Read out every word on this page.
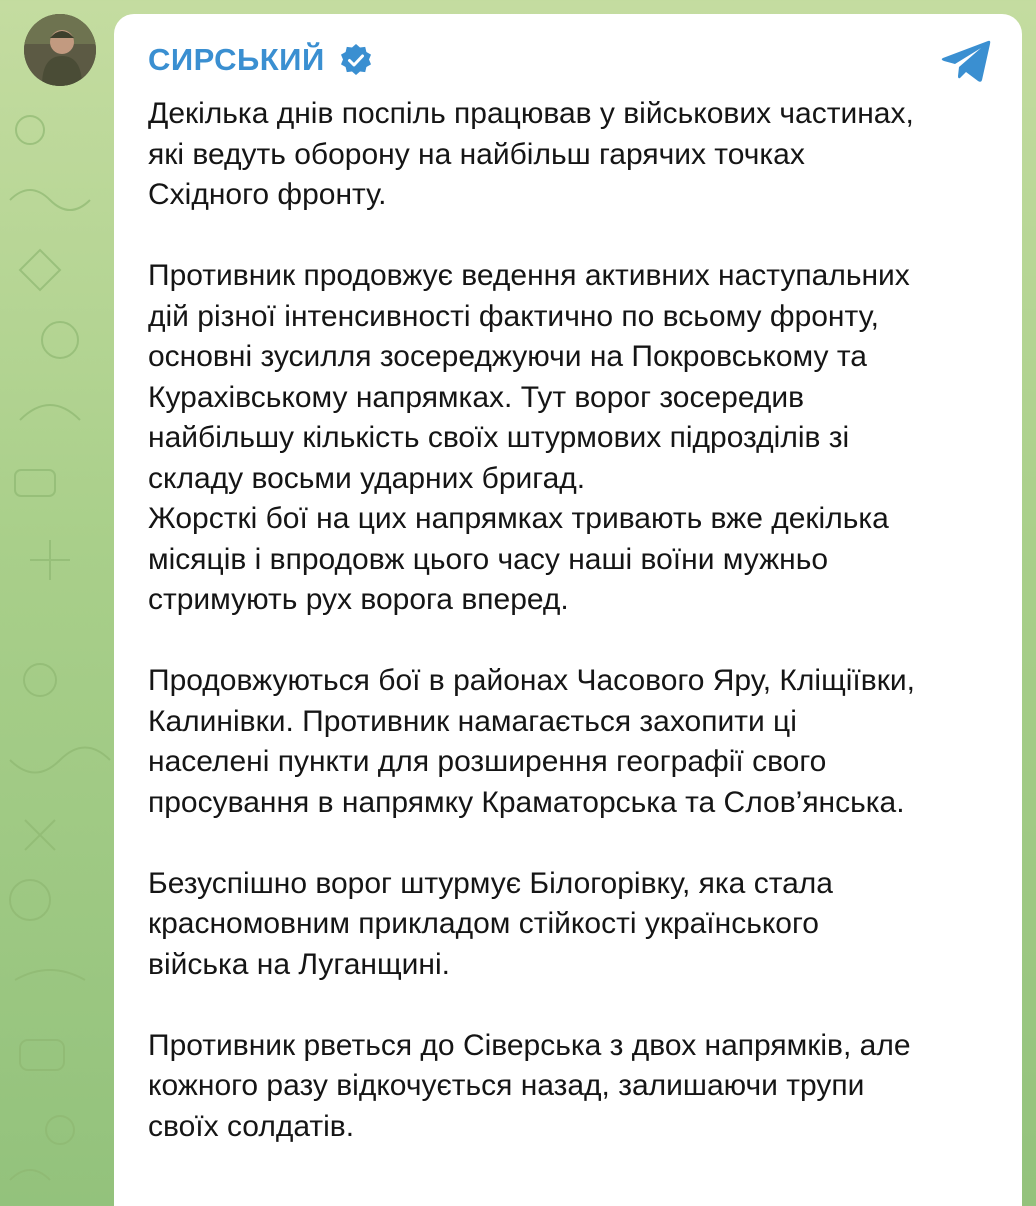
СИРСЬКИЙ

Декілька днів поспіль працював у військових частинах,
які ведуть оборону на найбільш гарячих точках
Східного фронту.

Противник продовжує ведення активних наступальних
дій різної інтенсивності фактично по всьому фронту,
основні зусилля зосереджуючи на Покровському та
Курахівському напрямках. Тут ворог зосередив
найбільшу кількість своїх штурмових підрозділів зі
складу восьми ударних бригад.
Жорсткі бої на цих напрямках тривають вже декілька
місяців і впродовж цього часу наші воїни мужньо
стримують рух ворога вперед.

Продовжуються бої в районах Часового Яру, Кліщіївки,
Калинівки. Противник намагається захопити ці
населені пункти для розширення географії свого
просування в напрямку Краматорська та Слов’янська.

Безуспішно ворог штурмує Білогорівку, яка стала
красномовним прикладом стійкості українського
війська на Луганщині.

Противник рветься до Сіверська з двох напрямків, але
кожного разу відкочується назад, залишаючи трупи
своїх солдатів.
